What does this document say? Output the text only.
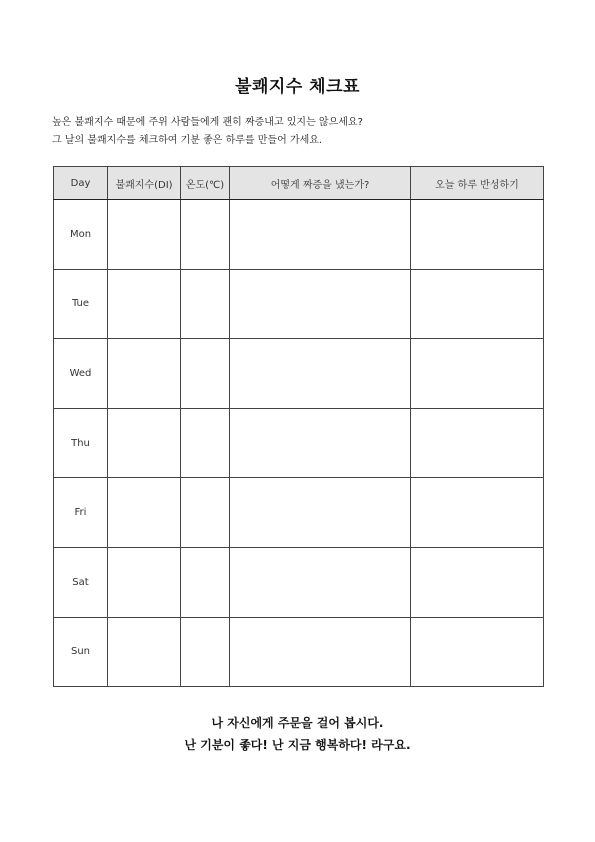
불쾌지수 체크표
높은 불쾌지수 때문에 주위 사람들에게 괜히 짜증내고 있지는 않으세요?
그 날의 불쾌지수를 체크하여 기분 좋은 하루를 만들어 가세요.
Day	불쾌지수(DI)	온도(℃)	어떻게 짜증을 냈는가?	오늘 하루 반성하기
Mon				
Tue				
Wed				
Thu				
Fri				
Sat				
Sun				
나 자신에게 주문을 걸어 봅시다.
난 기분이 좋다! 난 지금 행복하다! 라구요.
